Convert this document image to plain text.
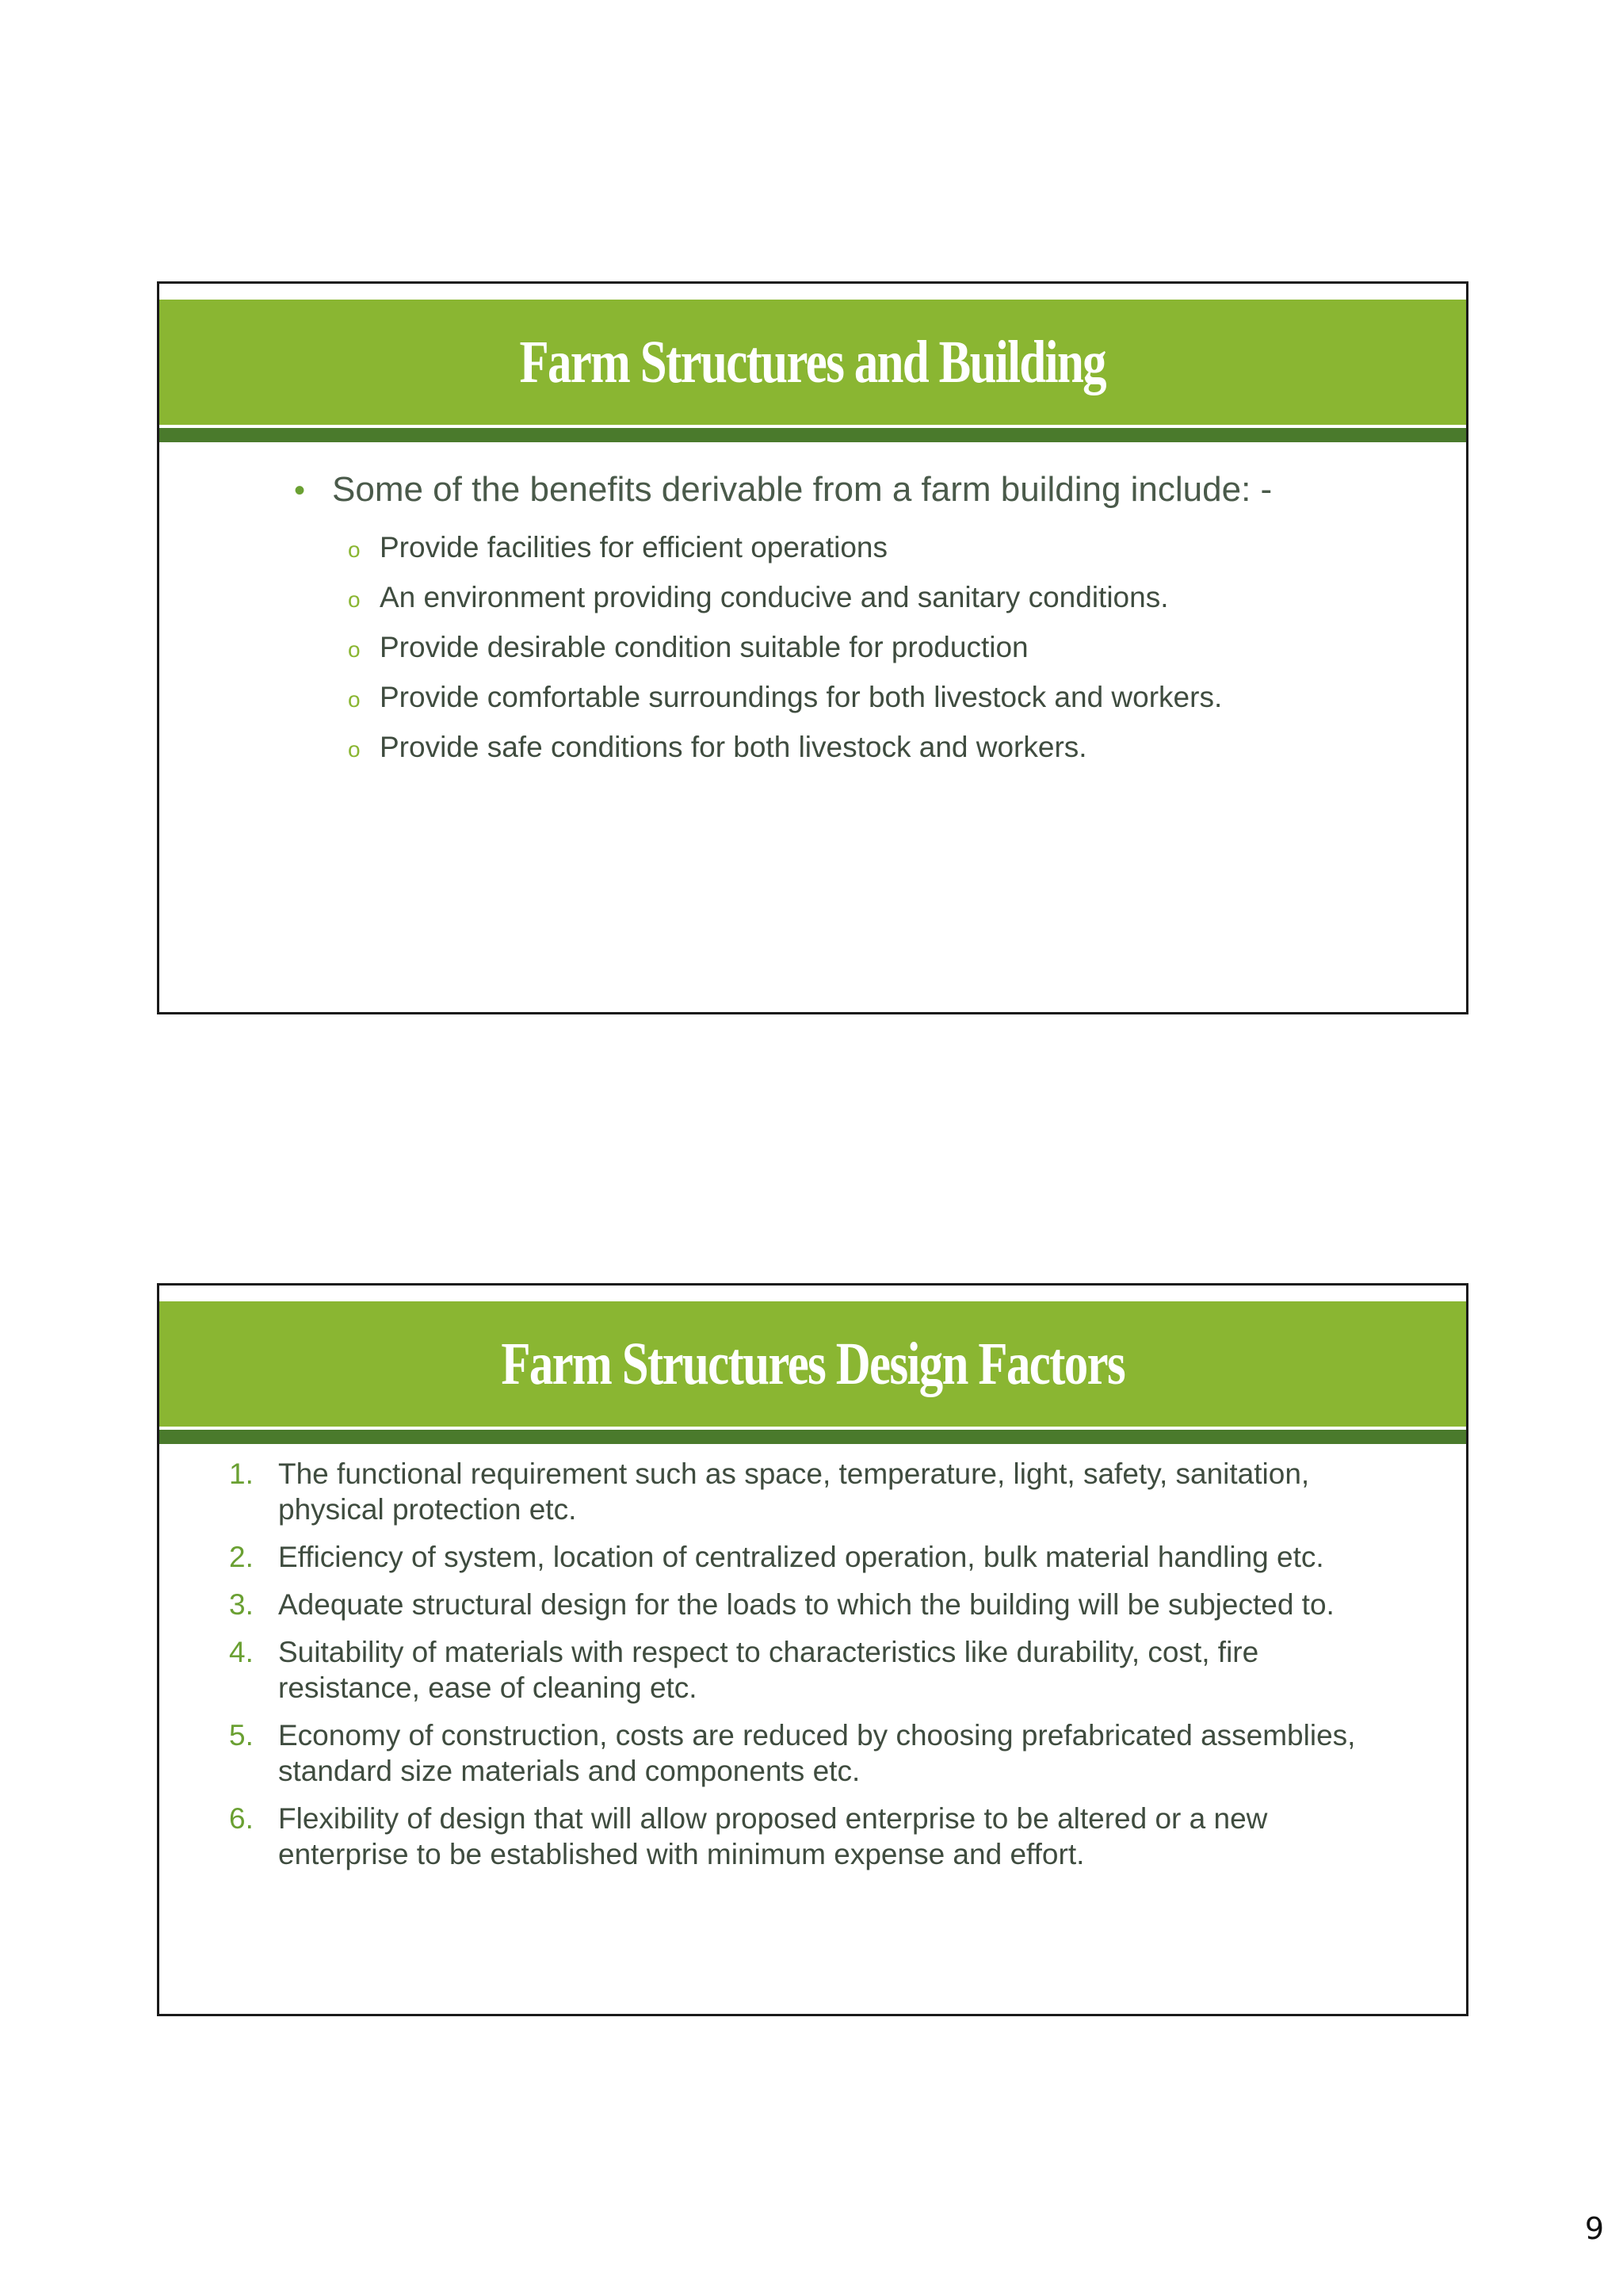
Farm Structures and Building
• Some of the benefits derivable from a farm building include: -
o Provide facilities for efficient operations
o An environment providing conducive and sanitary conditions.
o Provide desirable condition suitable for production
o Provide comfortable surroundings for both livestock and workers.
o Provide safe conditions for both livestock and workers.
Farm Structures Design Factors
1. The functional requirement such as space, temperature, light, safety, sanitation, physical protection etc.
2. Efficiency of system, location of centralized operation, bulk material handling etc.
3. Adequate structural design for the loads to which the building will be subjected to.
4. Suitability of materials with respect to characteristics like durability, cost, fire resistance, ease of cleaning etc.
5. Economy of construction, costs are reduced by choosing prefabricated assemblies, standard size materials and components etc.
6. Flexibility of design that will allow proposed enterprise to be altered or a new enterprise to be established with minimum expense and effort.
9
